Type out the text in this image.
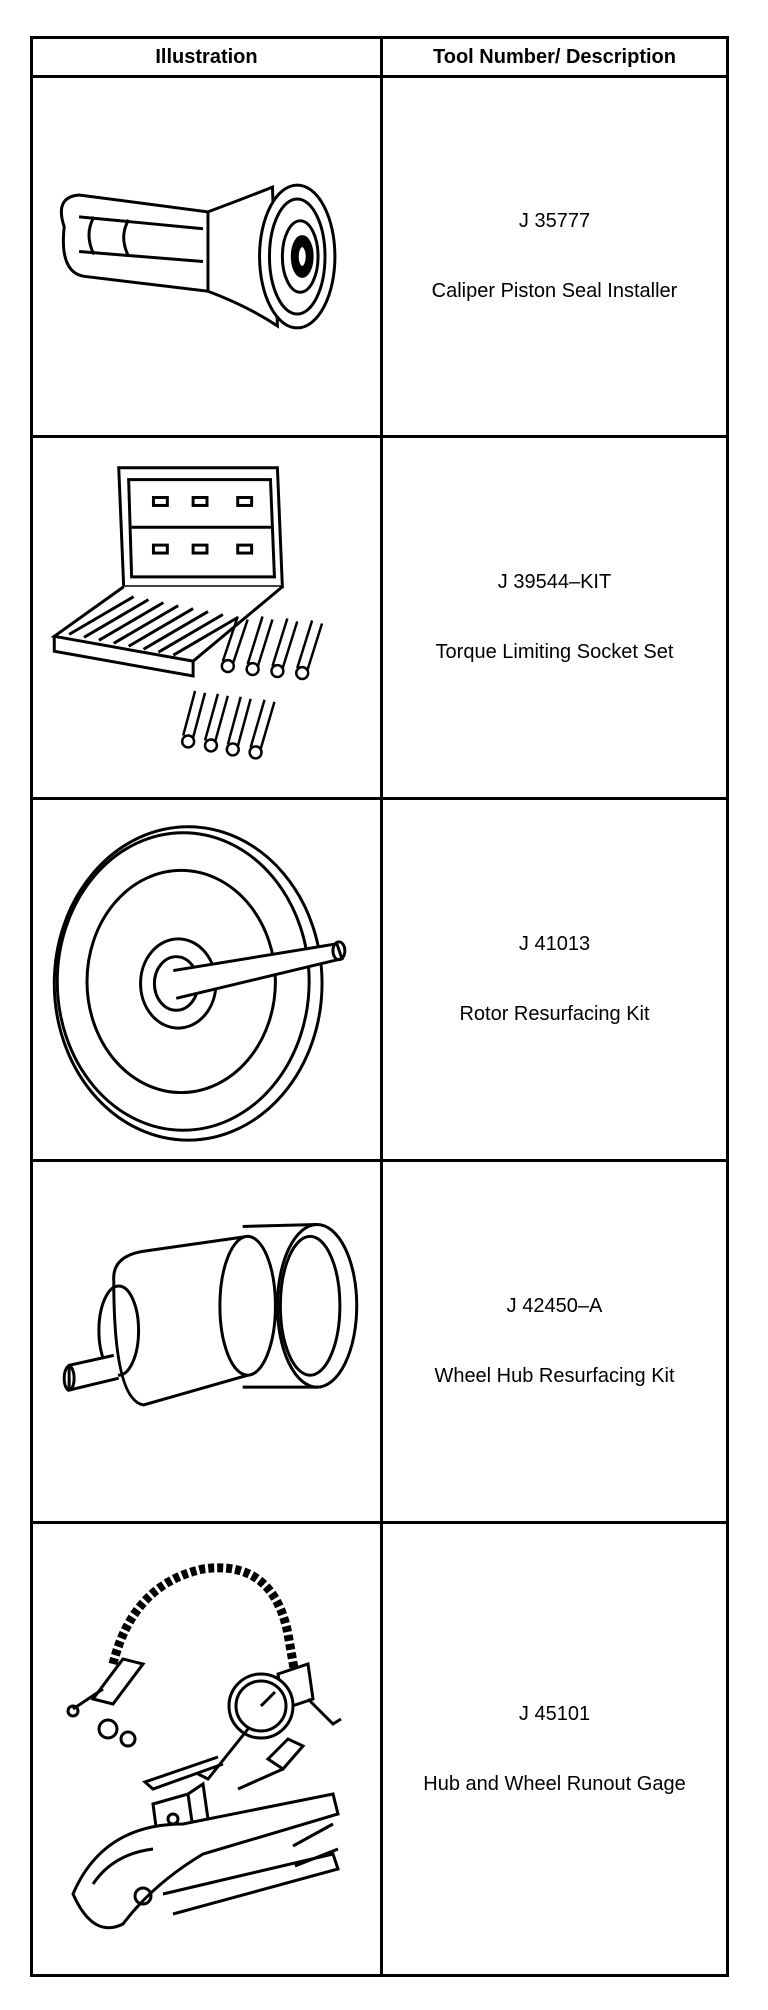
Illustration	Tool Number/ Description
J 35777
Caliper Piston Seal Installer
J 39544–KIT
Torque Limiting Socket Set
J 41013
Rotor Resurfacing Kit
J 42450–A
Wheel Hub Resurfacing Kit
J 45101
Hub and Wheel Runout Gage
